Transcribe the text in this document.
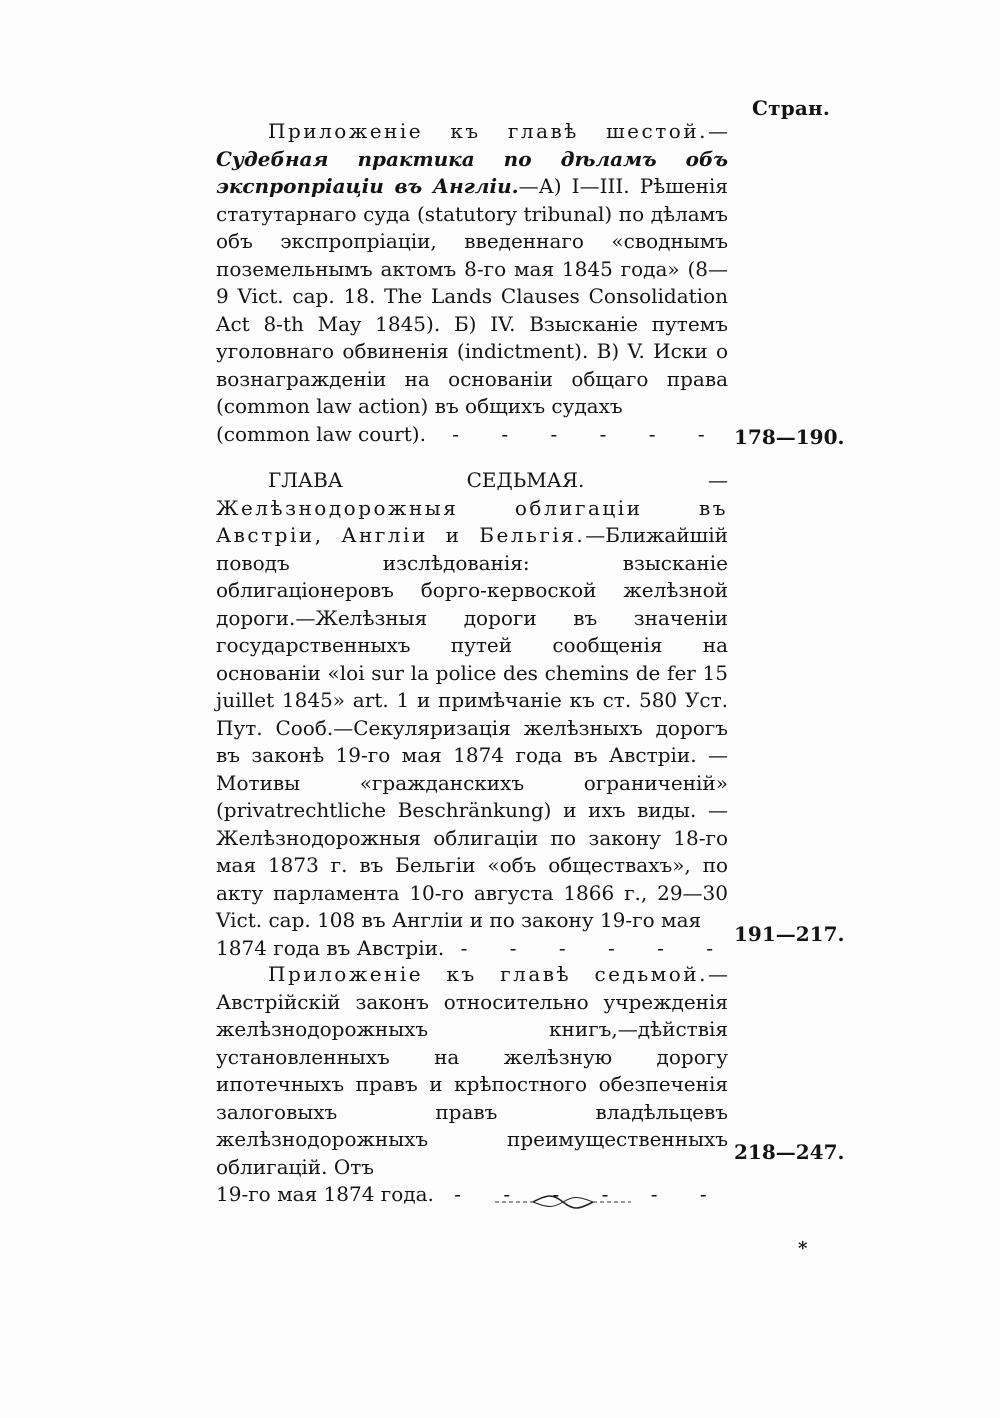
Стран.
Приложеніе къ главѣ шестой.—Судебная практика по дѣламъ объ экспропріаціи въ Англіи.—А) I—III. Рѣшенія статутарнаго суда (statutory tribunal) по дѣламъ объ экспропріаціи, введеннаго «своднымъ поземельнымъ актомъ 8-го мая 1845 года» (8—9 Vict. cap. 18. The Lands Clauses Consolidation Act 8-th May 1845). Б) IV. Взысканіе путемъ уголовнаго обвиненія (indictment). В) V. Иски о вознагражденіи на основаніи общаго права (common law action) въ общихъ судахъ
(common law court). - - - - - - 178—190.
ГЛАВА СЕДЬМАЯ. — Желѣзнодорожныя облигаціи въ Австріи, Англіи и Бельгія.—Ближайшій поводъ изслѣдованія: взысканіе облигаціонеровъ борго-кервоской желѣзной дороги.—Желѣзныя дороги въ значеніи государственныхъ путей сообщенія на основаніи «loi sur la police des chemins de fer 15 juillet 1845» art. 1 и примѣчаніе къ ст. 580 Уст. Пут. Сооб.—Секуляризація желѣзныхъ дорогъ въ законѣ 19-го мая 1874 года въ Австріи. — Мотивы «гражданскихъ ограниченій» (privatrechtliche Beschränkung) и ихъ виды. — Желѣзнодорожныя облигаціи по закону 18-го мая 1873 г. въ Бельгіи «объ обществахъ», по акту парламента 10-го августа 1866 г., 29—30 Vict. cap. 108 въ Англіи и по закону 19-го мая
1874 года въ Австріи. - - - - - -
191—217.
Приложеніе къ главѣ седьмой.—Австрійскій законъ относительно учрежденія желѣзнодорожныхъ книгъ,—дѣйствія установленныхъ на желѣзную дорогу ипотечныхъ правъ и крѣпостного обезпеченія залоговыхъ правъ владѣльцевъ желѣзнодорожныхъ преимущественныхъ облигацій. Отъ
19-го мая 1874 года. - - - - - -
218—247.
*
